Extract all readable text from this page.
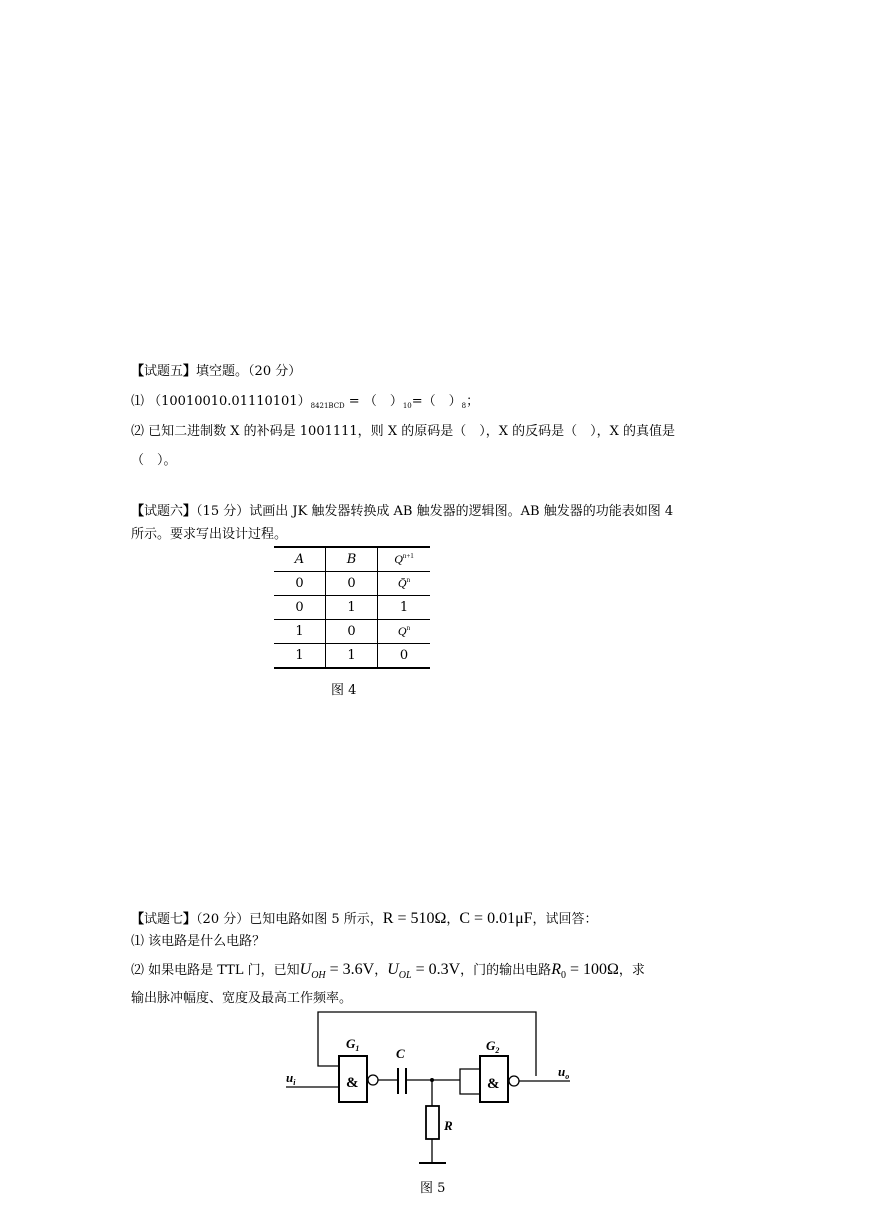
【试题五】填空题。（20 分）
⑴ $(10010010.01110101)_{8421BCD}$ = （　）$_{10}=$（　）$_8$；
⑵ 已知二进制数 X 的补码是 1001111，则 X 的原码是（　），X 的反码是（　），X 的真值是
（　）。
【试题六】（15 分）试画出 JK 触发器转换成 AB 触发器的逻辑图。AB 触发器的功能表如图 4
所示。要求写出设计过程。
A	B	$Q^{n+1}$
0	0	Q̄$^n$
0	1	1
1	0	$Q^n$
1	1	0
图 4
【试题七】（20 分）已知电路如图 5 所示，R = 510Ω，C = 0.01μF，试回答：
⑴ 该电路是什么电路？
⑵ 如果电路是 TTL 门，已知$U_{OH} = 3.6V$，$U_{OL} = 0.3V$，门的输出电路$R_0 = 100\Omega$，求
输出脉冲幅度、宽度及最高工作频率。
&	&
$G_1$	$G_2$
C
R
$u_i$
$u_o$
图 5
